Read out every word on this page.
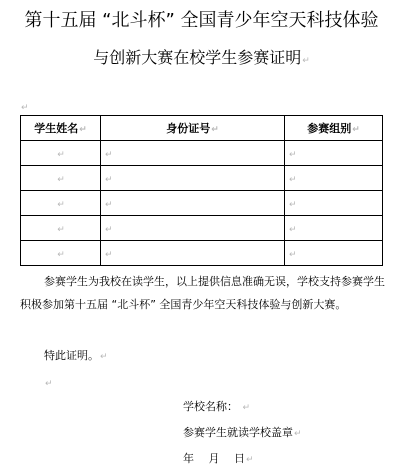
第十五届 “北斗杯” 全国青少年空天科技体验
与创新大赛在校学生参赛证明↵
↵
学生姓名↵	身份证号↵	参赛组别↵
↵	↵	↵
↵	↵	↵
↵	↵	↵
↵	↵	↵
↵	↵	↵
参赛学生为我校在读学生，以上提供信息准确无误，学校支持参赛学生积极参加第十五届 “北斗杯” 全国青少年空天科技体验与创新大赛。
特此证明。↵
↵
学校名称： ↵
参赛学生就读学校盖章↵
年　 月　 日↵
